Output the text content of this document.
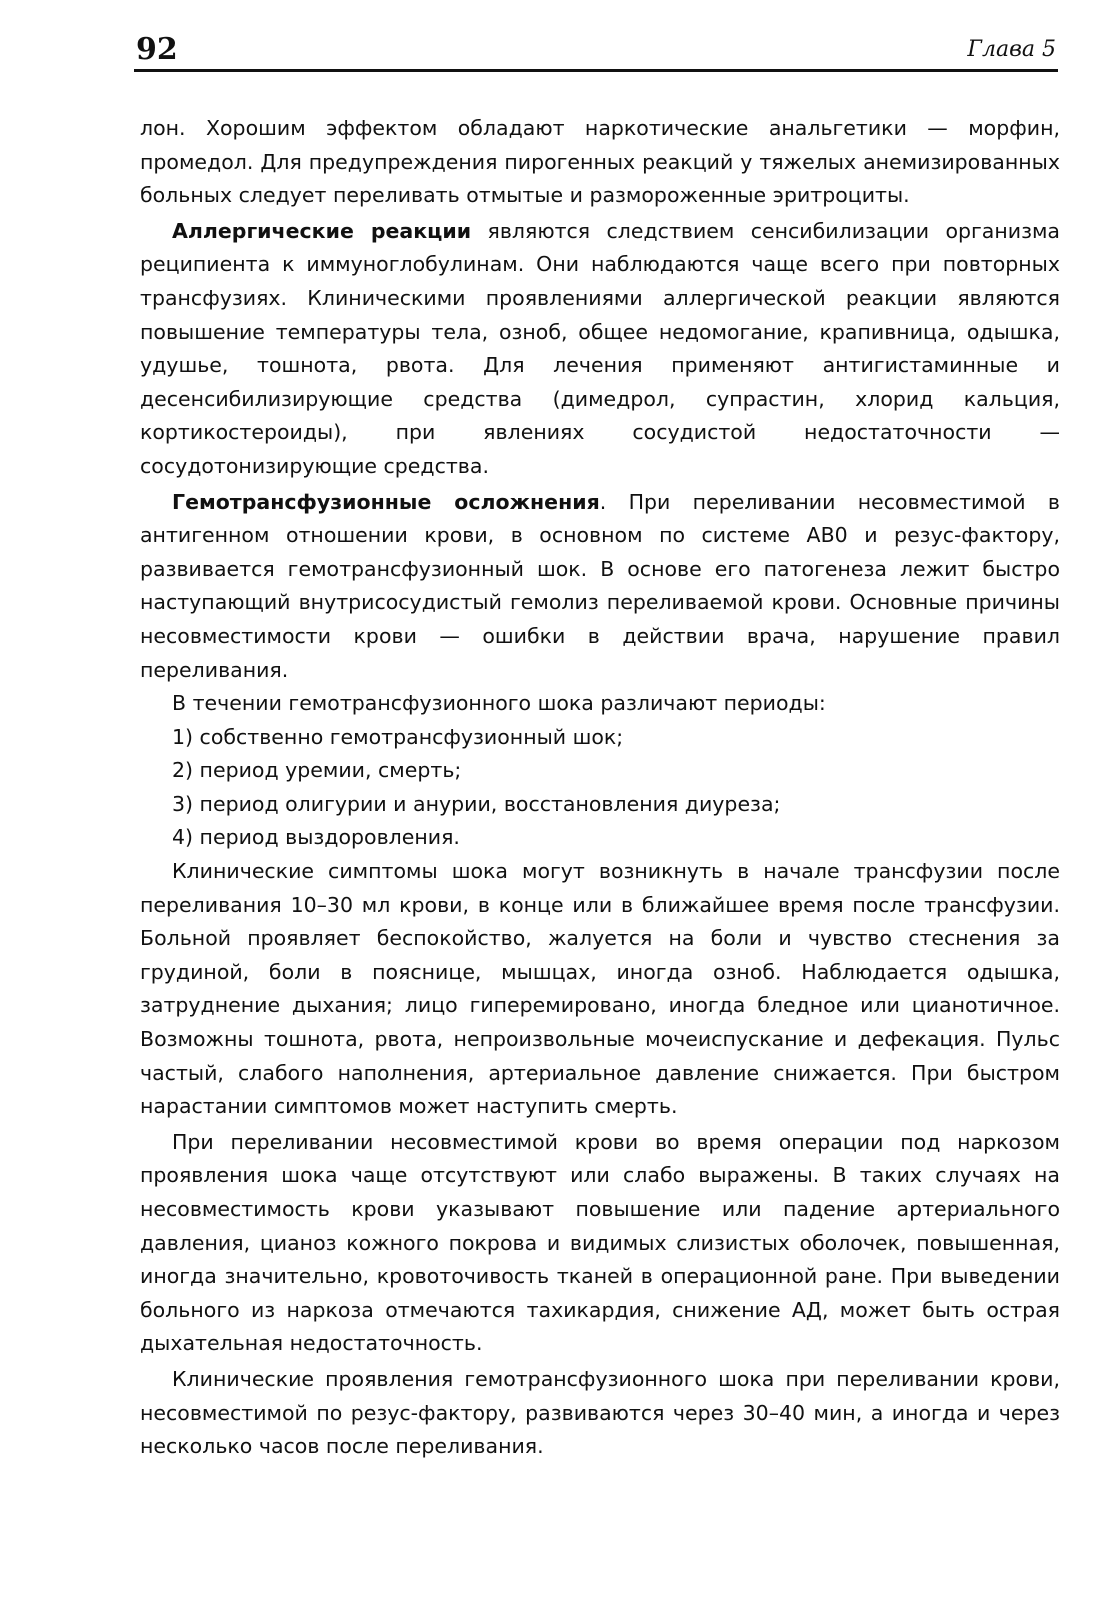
92	Глава 5

лон. Хорошим эффектом обладают наркотические анальгетики — морфин, промедол. Для предупреждения пирогенных реакций у тяжелых анемизированных больных следует переливать отмытые и размороженные эритроциты.

Аллергические реакции являются следствием сенсибилизации организма реципиента к иммуноглобулинам. Они наблюдаются чаще всего при повторных трансфузиях. Клиническими проявлениями аллергической реакции являются повышение температуры тела, озноб, общее недомогание, крапивница, одышка, удушье, тошнота, рвота. Для лечения применяют антигистаминные и десенсибилизирующие средства (димедрол, супрастин, хлорид кальция, кортикостероиды), при явлениях сосудистой недостаточности — сосудотонизирующие средства.

Гемотрансфузионные осложнения. При переливании несовместимой в антигенном отношении крови, в основном по системе АВ0 и резус-фактору, развивается гемотрансфузионный шок. В основе его патогенеза лежит быстро наступающий внутрисосудистый гемолиз переливаемой крови. Основные причины несовместимости крови — ошибки в действии врача, нарушение правил переливания.

В течении гемотрансфузионного шока различают периоды:

1) собственно гемотрансфузионный шок;

2) период уремии, смерть;

3) период олигурии и анурии, восстановления диуреза;

4) период выздоровления.

Клинические симптомы шока могут возникнуть в начале трансфузии после переливания 10–30 мл крови, в конце или в ближайшее время после трансфузии. Больной проявляет беспокойство, жалуется на боли и чувство стеснения за грудиной, боли в пояснице, мышцах, иногда озноб. Наблюдается одышка, затруднение дыхания; лицо гиперемировано, иногда бледное или цианотичное. Возможны тошнота, рвота, непроизвольные мочеиспускание и дефекация. Пульс частый, слабого наполнения, артериальное давление снижается. При быстром нарастании симптомов может наступить смерть.

При переливании несовместимой крови во время операции под наркозом проявления шока чаще отсутствуют или слабо выражены. В таких случаях на несовместимость крови указывают повышение или падение артериального давления, цианоз кожного покрова и видимых слизистых оболочек, повышенная, иногда значительно, кровоточивость тканей в операционной ране. При выведении больного из наркоза отмечаются тахикардия, снижение АД, может быть острая дыхательная недостаточность.

Клинические проявления гемотрансфузионного шока при переливании крови, несовместимой по резус-фактору, развиваются через 30–40 мин, а иногда и через несколько часов после переливания.
